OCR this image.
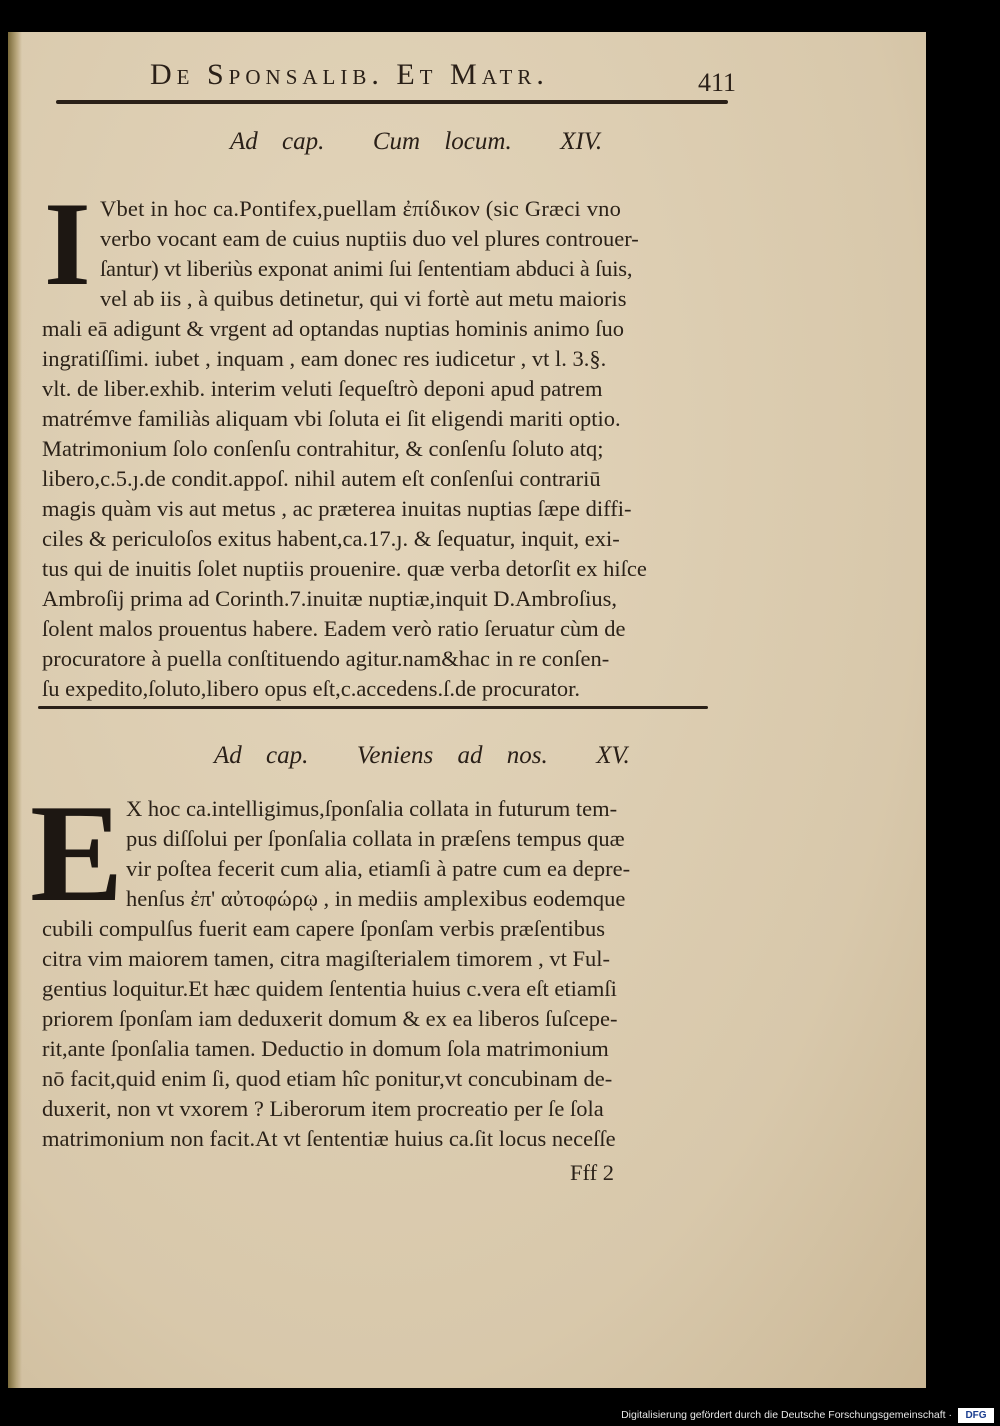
De Sponsalib. Et Matr.	411
Ad cap.  Cum locum.  XIV.
I Vbet in hoc ca.Pontifex,puellam ἐπίδικον (sic Græci vno
verbo vocant eam de cuius nuptiis duo vel plures controuer-
ſantur) vt liberiùs exponat animi ſui ſententiam abduci à ſuis,
vel ab iis , à quibus detinetur, qui vi fortè aut metu maioris
mali eā adigunt & vrgent ad optandas nuptias hominis animo ſuo
ingratiſſimi. iubet , inquam , eam donec res iudicetur , vt l. 3.§.
vlt. de liber.exhib. interim veluti ſequeſtrò deponi apud patrem
matrémve familiàs aliquam vbi ſoluta ei ſit eligendi mariti optio.
Matrimonium ſolo conſenſu contrahitur, & conſenſu ſoluto atq;
libero,c.5.ȷ.de condit.appoſ. nihil autem eſt conſenſui contrariū
magis quàm vis aut metus , ac præterea inuitas nuptias ſæpe diffi-
ciles & periculoſos exitus habent,ca.17.ȷ. & ſequatur, inquit, exi-
tus qui de inuitis ſolet nuptiis prouenire. quæ verba detorſit ex hiſce
Ambroſij prima ad Corinth.7.inuitæ nuptiæ,inquit D.Ambroſius,
ſolent malos prouentus habere. Eadem verò ratio ſeruatur cùm de
procuratore à puella conſtituendo agitur.nam&hac in re conſen-
ſu expedito,ſoluto,libero opus eſt,c.accedens.ſ.de procurator.
Ad cap.  Veniens ad nos.  XV.
E X hoc ca.intelligimus,ſponſalia collata in futurum tem-
pus diſſolui per ſponſalia collata in præſens tempus quæ
vir poſtea fecerit cum alia, etiamſi à patre cum ea depre-
henſus ἐπ' αὐτοφώρῳ , in mediis amplexibus eodemque
cubili compulſus fuerit eam capere ſponſam verbis præſentibus
citra vim maiorem tamen, citra magiſterialem timorem , vt Ful-
gentius loquitur.Et hæc quidem ſententia huius c.vera eſt etiamſi
priorem ſponſam iam deduxerit domum & ex ea liberos ſuſcepe-
rit,ante ſponſalia tamen. Deductio in domum ſola matrimonium
nō facit,quid enim ſi, quod etiam hîc ponitur,vt concubinam de-
duxerit, non vt vxorem ? Liberorum item procreatio per ſe ſola
matrimonium non facit.At vt ſententiæ huius ca.ſit locus neceſſe
Fff 2
Digitalisierung gefördert durch die Deutsche Forschungsgemeinschaft ·	DFG
